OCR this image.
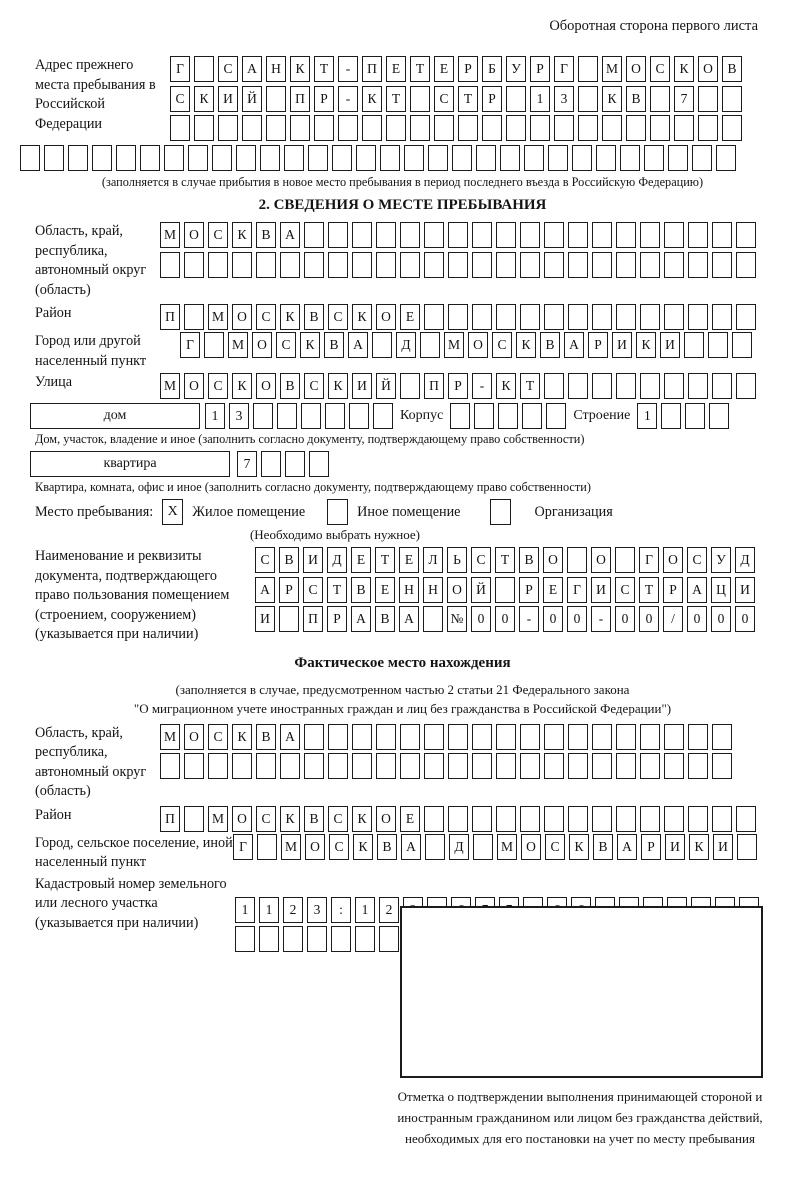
Оборотная сторона первого листа
Адрес прежнего места пребывания в Российской Федерации
Г	С	А	Н	К	Т	-	П	Е	Т	Е	Р	Б	У	Р	Г	М О	С	К	О	В
С	К	И	Й	П	Р	-	К	Т	С	Т	Р	1	3	К	В	7
(заполняется в случае прибытия в новое место пребывания в период последнего въезда в Российскую Федерацию)
2. СВЕДЕНИЯ О МЕСТЕ ПРЕБЫВАНИЯ
Область, край, республика, автономный округ (область)
М О	С	К	В	А
Район	П	М О	С	К	В	С	К	О	Е
Город или другой населенный пункт
Г	М О	С	К	В	А	Д	М О	С	К	В	А	Р	И	К	И
Улица	М О	С	К	О	В	С	К	И	Й	П	Р	-	К	Т
дом	1	3	Корпус	Строение	1
Дом, участок, владение и иное (заполнить согласно документу, подтверждающему право собственности)
квартира	7
Квартира, комната, офис и иное (заполнить согласно документу, подтверждающему право собственности)
Место пребывания:	X	Жилое помещение	Иное помещение	Организация
(Необходимо выбрать нужное)
Наименование и реквизиты документа, подтверждающего право пользования помещением (строением, сооружением) (указывается при наличии)
С	В	И	Д	Е	Т	Е	Л	Ь	С	Т	В	О	О	Г	О	С	У	Д
А	Р	С	Т	В	Е	Н	Н	О	Й	Р	Е	Г	И	С	Т	Р	А	Ц	И
И	П	Р	А	В	А	№	0	0	-	0	0	-	0	0	/	0	0	0
Фактическое место нахождения
(заполняется в случае, предусмотренном частью 2 статьи 21 Федерального закона
"О миграционном учете иностранных граждан и лиц без гражданства в Российской Федерации")
Область, край, республика, автономный округ (область)
М О	С	К	В	А
Район	П	М О	С	К	В	С	К	О	Е
Город, сельское поселение, иной населенный пункт
Г	М О	С	К	В	А	Д	М О	С	К	В	А	Р	И	К	И
Кадастровый номер земельного или лесного участка (указывается при наличии)
1	1	2	3	:	1	2
Отметка о подтверждении выполнения принимающей стороной и иностранным гражданином или лицом без гражданства действий, необходимых для его постановки на учет по месту пребывания
